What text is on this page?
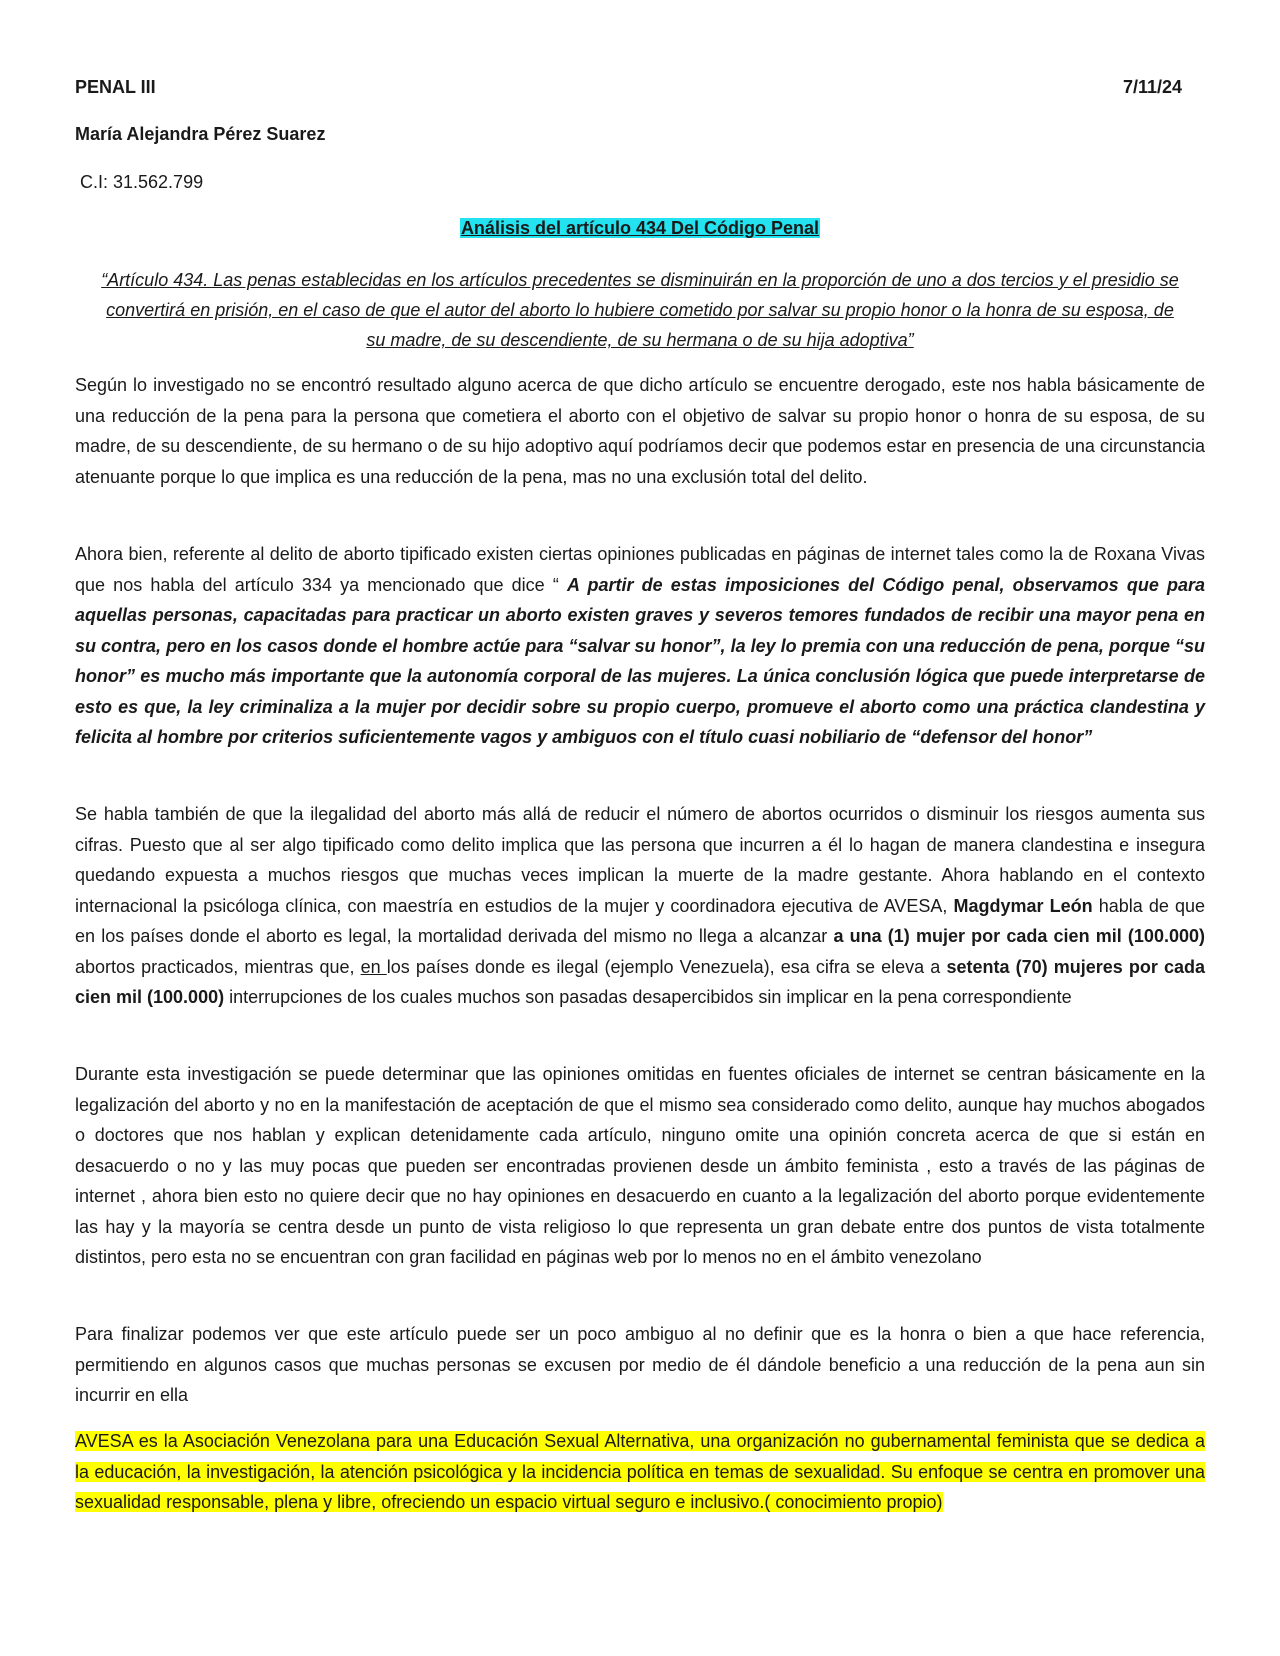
PENAL III	7/11/24
María Alejandra Pérez Suarez
C.I: 31.562.799
Análisis del artículo 434 Del Código Penal
“Artículo 434. Las penas establecidas en los artículos precedentes se disminuirán en la proporción de uno a dos tercios y el presidio se convertirá en prisión, en el caso de que el autor del aborto lo hubiere cometido por salvar su propio honor o la honra de su esposa, de su madre, de su descendiente, de su hermana o de su hija adoptiva”

Según lo investigado no se encontró resultado alguno acerca de que dicho artículo se encuentre derogado, este nos habla básicamente de una reducción de la pena para la persona que cometiera el aborto con el objetivo de salvar su propio honor o honra de su esposa, de su madre, de su descendiente, de su hermano o de su hijo adoptivo aquí podríamos decir que podemos estar en presencia de una circunstancia atenuante porque lo que implica es una reducción de la pena, mas no una exclusión total del delito.

Ahora bien, referente al delito de aborto tipificado existen ciertas opiniones publicadas en páginas de internet tales como la de Roxana Vivas que nos habla del artículo 334 ya mencionado que dice “ A partir de estas imposiciones del Código penal, observamos que para aquellas personas, capacitadas para practicar un aborto existen graves y severos temores fundados de recibir una mayor pena en su contra, pero en los casos donde el hombre actúe para “salvar su honor”, la ley lo premia con una reducción de pena, porque “su honor” es mucho más importante que la autonomía corporal de las mujeres. La única conclusión lógica que puede interpretarse de esto es que, la ley criminaliza a la mujer por decidir sobre su propio cuerpo, promueve el aborto como una práctica clandestina y felicita al hombre por criterios suficientemente vagos y ambiguos con el título cuasi nobiliario de “defensor del honor”

Se habla también de que la ilegalidad del aborto más allá de reducir el número de abortos ocurridos o disminuir los riesgos aumenta sus cifras. Puesto que al ser algo tipificado como delito implica que las persona que incurren a él lo hagan de manera clandestina e insegura quedando expuesta a muchos riesgos que muchas veces implican la muerte de la madre gestante. Ahora hablando en el contexto internacional la psicóloga clínica, con maestría en estudios de la mujer y coordinadora ejecutiva de AVESA, Magdymar León habla de que en los países donde el aborto es legal, la mortalidad derivada del mismo no llega a alcanzar a una (1) mujer por cada cien mil (100.000) abortos practicados, mientras que, en los países donde es ilegal (ejemplo Venezuela), esa cifra se eleva a setenta (70) mujeres por cada cien mil (100.000) interrupciones de los cuales muchos son pasadas desapercibidos sin implicar en la pena correspondiente

Durante esta investigación se puede determinar que las opiniones omitidas en fuentes oficiales de internet se centran básicamente en la legalización del aborto y no en la manifestación de aceptación de que el mismo sea considerado como delito, aunque hay muchos abogados o doctores que nos hablan y explican detenidamente cada artículo, ninguno omite una opinión concreta acerca de que si están en desacuerdo o no y las muy pocas que pueden ser encontradas provienen desde un ámbito feminista , esto a través de las páginas de internet , ahora bien esto no quiere decir que no hay opiniones en desacuerdo en cuanto a la legalización del aborto porque evidentemente las hay y la mayoría se centra desde un punto de vista religioso lo que representa un gran debate entre dos puntos de vista totalmente distintos, pero esta no se encuentran con gran facilidad en páginas web por lo menos no en el ámbito venezolano

Para finalizar podemos ver que este artículo puede ser un poco ambiguo al no definir que es la honra o bien a que hace referencia, permitiendo en algunos casos que muchas personas se excusen por medio de él dándole beneficio a una reducción de la pena aun sin incurrir en ella

AVESA es la Asociación Venezolana para una Educación Sexual Alternativa, una organización no gubernamental feminista que se dedica a la educación, la investigación, la atención psicológica y la incidencia política en temas de sexualidad. Su enfoque se centra en promover una sexualidad responsable, plena y libre, ofreciendo un espacio virtual seguro e inclusivo.( conocimiento propio)
